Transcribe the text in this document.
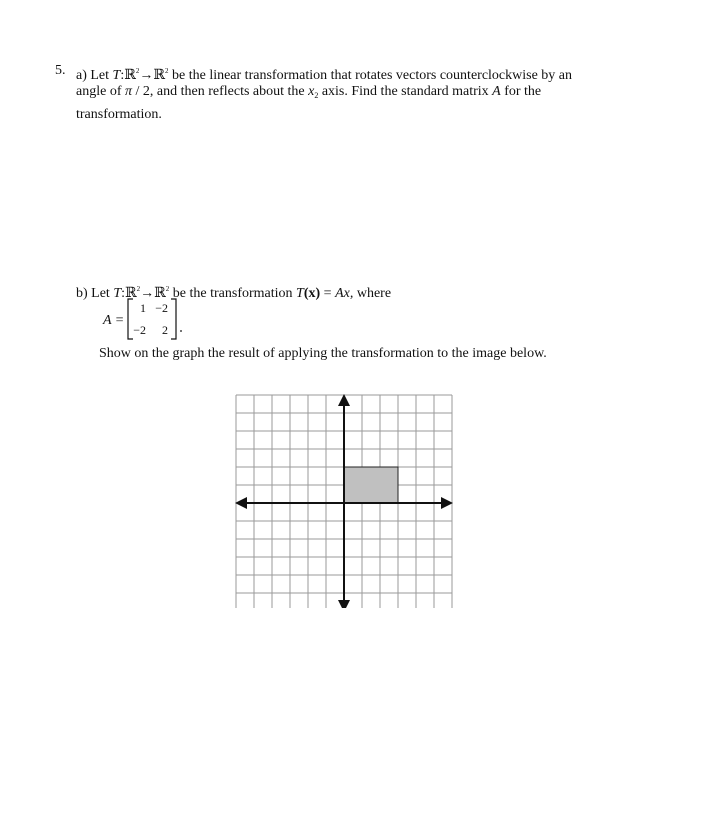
5. a) Let T:ℝ$^2$→ℝ$^2$ be the linear transformation that rotates vectors counterclockwise by an
angle of π / 2, and then reflects about the $x_2$ axis. Find the standard matrix A for the
transformation.
b) Let T:ℝ$^2$→ℝ$^2$ be the transformation T(x) = Ax, where
A =
1 −2
−2	2
Show on the graph the result of applying the transformation to the image below.
